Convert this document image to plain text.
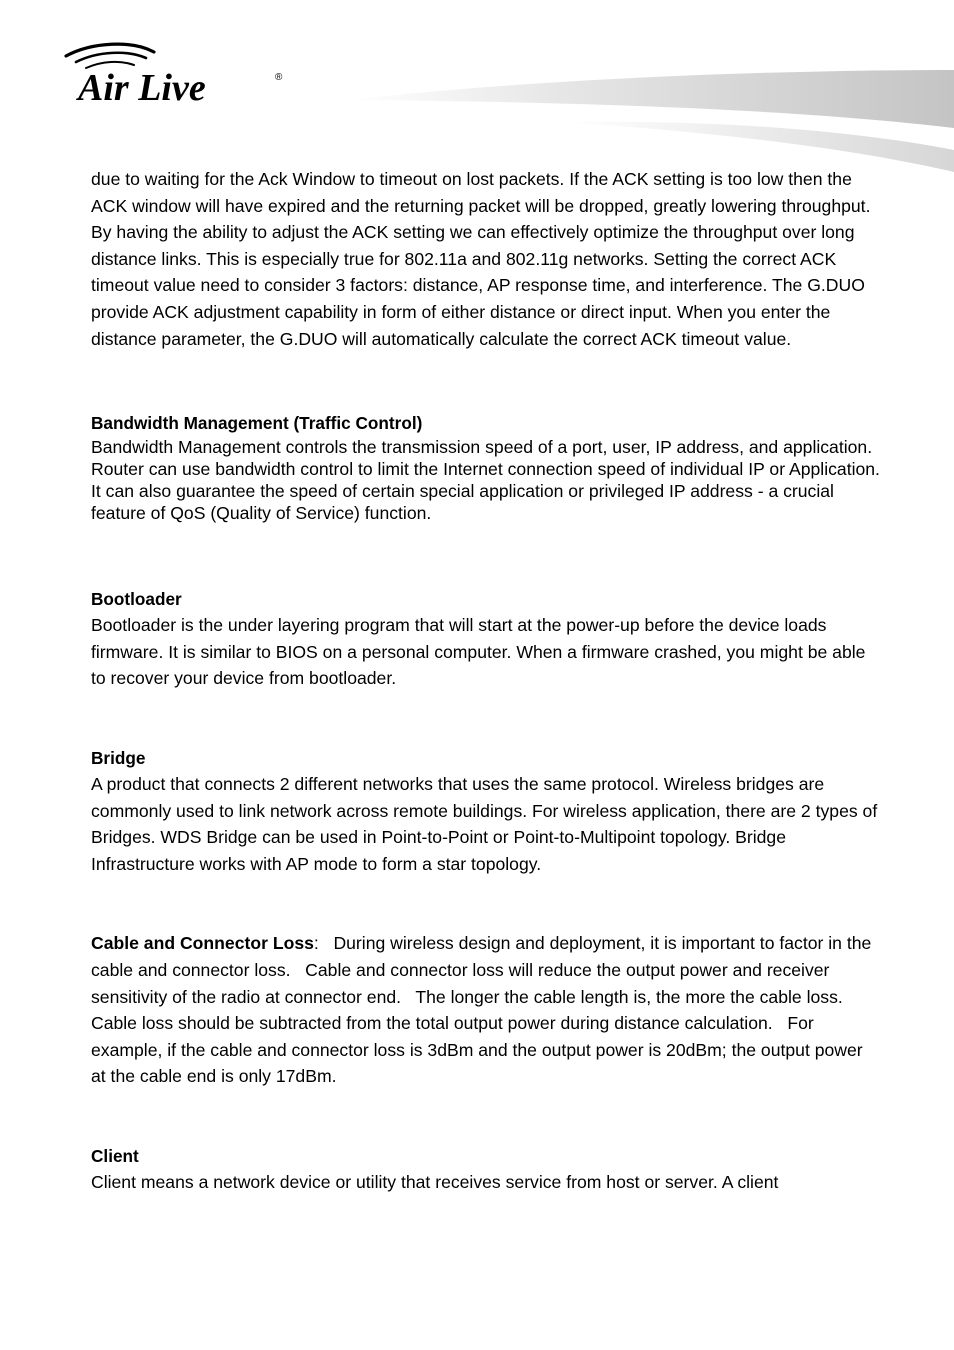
Air Live	®

due to waiting for the Ack Window to timeout on lost packets. If the ACK setting is too low then the ACK window will have expired and the returning packet will be dropped, greatly lowering throughput. By having the ability to adjust the ACK setting we can effectively optimize the throughput over long distance links. This is especially true for 802.11a and 802.11g networks. Setting the correct ACK timeout value need to consider 3 factors: distance, AP response time, and interference. The G.DUO provide ACK adjustment capability in form of either distance or direct input. When you enter the distance parameter, the G.DUO will automatically calculate the correct ACK timeout value.

Bandwidth Management (Traffic Control)

Bandwidth Management controls the transmission speed of a port, user, IP address, and application. Router can use bandwidth control to limit the Internet connection speed of individual IP or Application. It can also guarantee the speed of certain special application or privileged IP address - a crucial feature of QoS (Quality of Service) function.

Bootloader

Bootloader is the under layering program that will start at the power-up before the device loads firmware. It is similar to BIOS on a personal computer. When a firmware crashed, you might be able to recover your device from bootloader.

Bridge

A product that connects 2 different networks that uses the same protocol. Wireless bridges are commonly used to link network across remote buildings. For wireless application, there are 2 types of Bridges. WDS Bridge can be used in Point-to-Point or Point-to-Multipoint topology. Bridge Infrastructure works with AP mode to form a star topology.

Cable and Connector Loss:   During wireless design and deployment, it is important to factor in the cable and connector loss.   Cable and connector loss will reduce the output power and receiver sensitivity of the radio at connector end.   The longer the cable length is, the more the cable loss.   Cable loss should be subtracted from the total output power during distance calculation.   For example, if the cable and connector loss is 3dBm and the output power is 20dBm; the output power at the cable end is only 17dBm.

Client

Client means a network device or utility that receives service from host or server. A client
